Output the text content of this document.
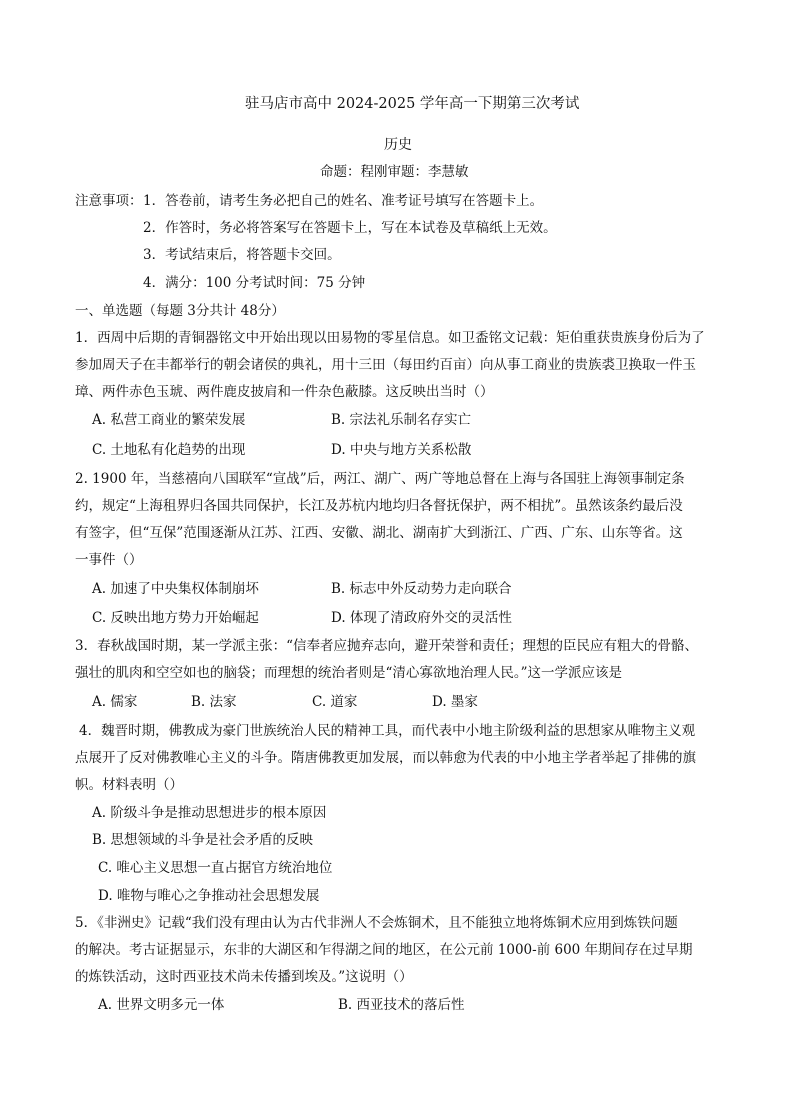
驻马店市高中 2024-2025 学年高一下期第三次考试
历史
命题：程刚审题：李慧敏
注意事项： 1．答卷前，请考生务必把自己的姓名、准考证号填写在答题卡上。
2．作答时，务必将答案写在答题卡上，写在本试卷及草稿纸上无效。
3．考试结束后，将答题卡交回。
4．满分：100 分考试时间：75 分钟
一、单选题（每题 3分共计 48分）
1．西周中后期的青铜器铭文中开始出现以田易物的零星信息。如卫盉铭文记载：矩伯重获贵族身份后为了
参加周天子在丰都举行的朝会诸侯的典礼，用十三田（每田约百亩）向从事工商业的贵族裘卫换取一件玉
璋、两件赤色玉琥、两件鹿皮披肩和一件杂色蔽膝。这反映出当时（）
A. 私营工商业的繁荣发展	B. 宗法礼乐制名存实亡
C. 土地私有化趋势的出现	D. 中央与地方关系松散
2. 1900 年，当慈禧向八国联军“宣战”后，两江、湖广、两广等地总督在上海与各国驻上海领事制定条
约，规定“上海租界归各国共同保护，长江及苏杭内地均归各督抚保护，两不相扰”。虽然该条约最后没
有签字，但“互保”范围逐渐从江苏、江西、安徽、湖北、湖南扩大到浙江、广西、广东、山东等省。这
一事件（）
A. 加速了中央集权体制崩坏	B. 标志中外反动势力走向联合
C. 反映出地方势力开始崛起	D. 体现了清政府外交的灵活性
3．春秋战国时期，某一学派主张：“信奉者应抛弃志向，避开荣誉和责任；理想的臣民应有粗大的骨骼、
强壮的肌肉和空空如也的脑袋；而理想的统治者则是“清心寡欲地治理人民。”这一学派应该是
A. 儒家	B. 法家	C. 道家	D. 墨家
4．魏晋时期，佛教成为豪门世族统治人民的精神工具，而代表中小地主阶级利益的思想家从唯物主义观
点展开了反对佛教唯心主义的斗争。隋唐佛教更加发展，而以韩愈为代表的中小地主学者举起了排佛的旗
帜。材料表明（）
A. 阶级斗争是推动思想进步的根本原因
B. 思想领域的斗争是社会矛盾的反映
C. 唯心主义思想一直占据官方统治地位
D. 唯物与唯心之争推动社会思想发展
5．《非洲史》记载“我们没有理由认为古代非洲人不会炼铜术，且不能独立地将炼铜术应用到炼铁问题
的解决。考古证据显示，东非的大湖区和乍得湖之间的地区，在公元前 1000-前 600 年期间存在过早期
的炼铁活动，这时西亚技术尚未传播到埃及。”这说明（）
A. 世界文明多元一体	B. 西亚技术的落后性
